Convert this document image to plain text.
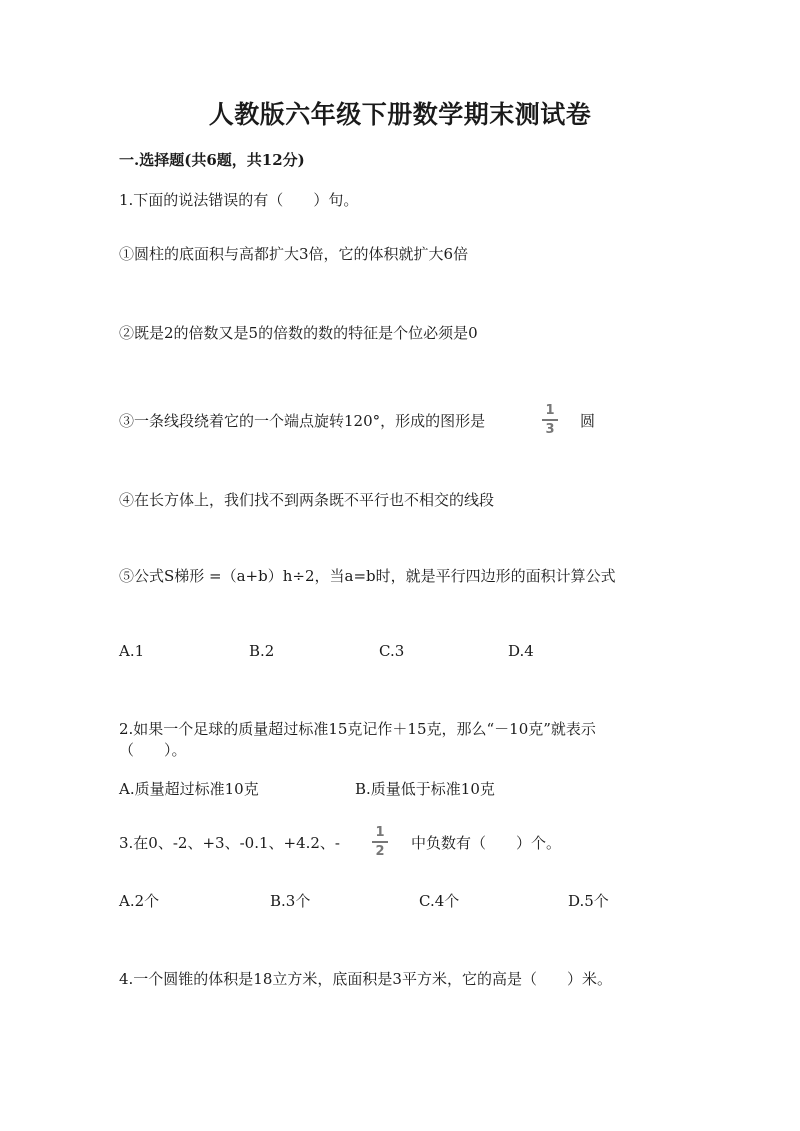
人教版六年级下册数学期末测试卷
一.选择题(共6题，共12分)
1.下面的说法错误的有（　　）句。
①圆柱的底面积与高都扩大3倍，它的体积就扩大6倍
②既是2的倍数又是5的倍数的数的特征是个位必须是0
③一条线段绕着它的一个端点旋转120°，形成的图形是
1
3 圆
④在长方体上，我们找不到两条既不平行也不相交的线段
⑤公式S梯形 =（a+b）h÷2，当a=b时，就是平行四边形的面积计算公式
A.1	B.2	C.3	D.4
2.如果一个足球的质量超过标准15克记作＋15克，那么“－10克”就表示
（　　）。
A.质量超过标准10克	B.质量低于标准10克
3.在0、-2、+3、-0.1、+4.2、-
1
2 中负数有（　　）个。
A.2个	B.3个	C.4个	D.5个
4.一个圆锥的体积是18立方米，底面积是3平方米，它的高是（　　）米。
